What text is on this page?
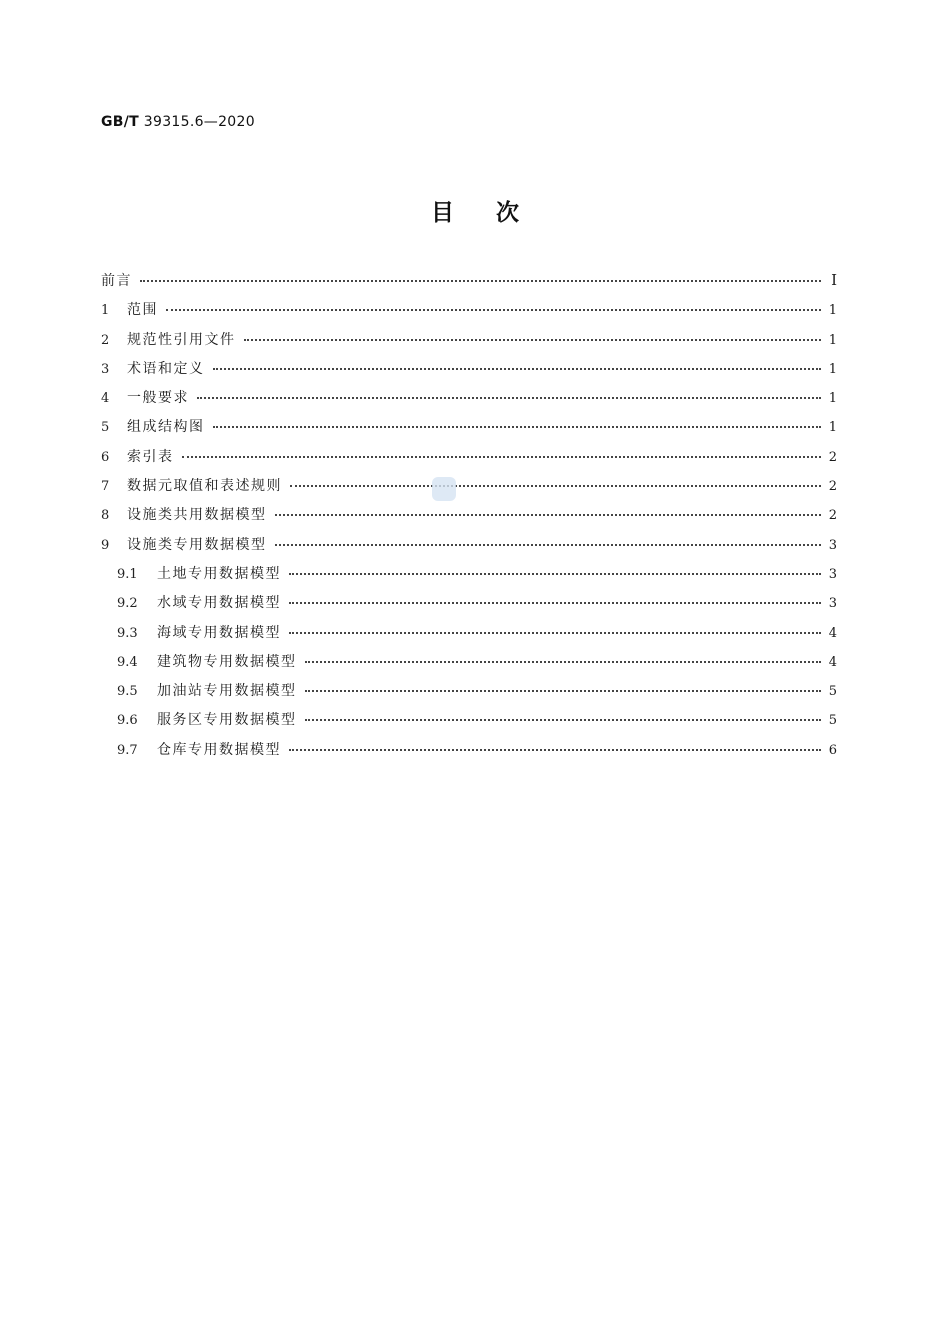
GB/T 39315.6—2020
目次
前言	Ⅰ
1	范围	1
2	规范性引用文件	1
3	术语和定义	1
4	一般要求	1
5	组成结构图	1
6	索引表	2
7	数据元取值和表述规则	2
8	设施类共用数据模型	2
9	设施类专用数据模型	3
9.1	土地专用数据模型	3
9.2	水域专用数据模型	3
9.3	海域专用数据模型	4
9.4	建筑物专用数据模型	4
9.5	加油站专用数据模型	5
9.6	服务区专用数据模型	5
9.7	仓库专用数据模型	6
